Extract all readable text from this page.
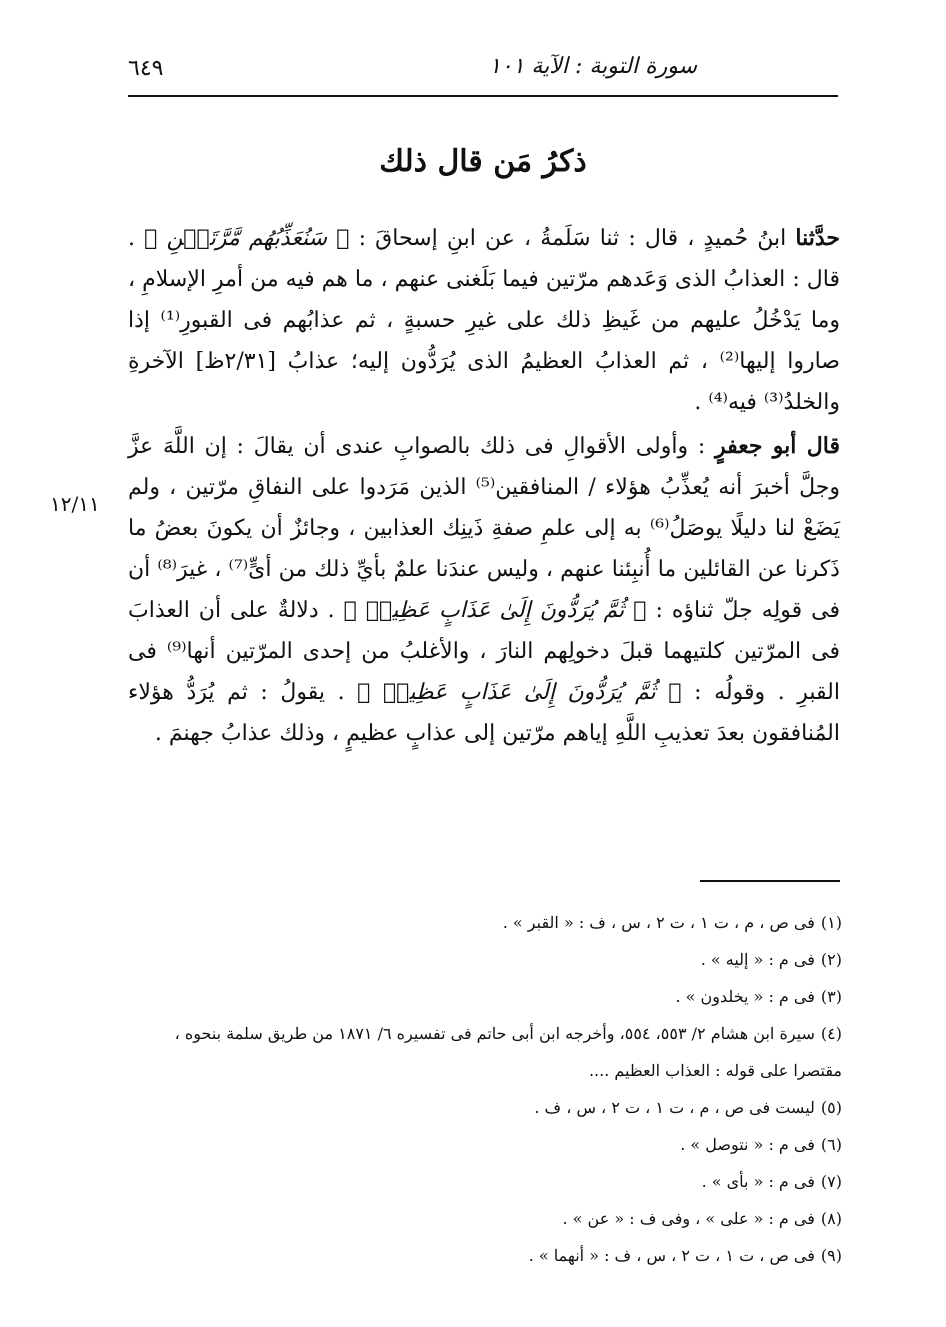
٦٤٩	سورة التوبة : الآية ١٠١
ذكرُ مَن قال ذلك
حدَّثنا ابنُ حُميدٍ ، قال : ثنا سَلَمةُ ، عن ابنِ إسحاقَ : ﴿ سَنُعَذِّبُهُم مَّرَّتَيۡنِ ﴾ . قال : العذابُ الذى وَعَدهم مرّتين فيما بَلَغنى عنهم ، ما هم فيه من أمرِ الإسلامِ ، وما يَدْخُلُ عليهم من غَيظِ ذلك على غيرِ حسبةٍ ، ثم عذابُهم فى القبورِ⁽¹⁾ إذا صاروا إليها⁽²⁾ ، ثم العذابُ العظيمُ الذى يُرَدُّون إليه؛ عذابُ [٢/٣١ظ] الآخرةِ والخلدُ⁽³⁾ فيه⁽⁴⁾ .
قال أبو جعفرٍ : وأولى الأقوالِ فى ذلك بالصوابِ عندى أن يقالَ : إن اللَّهَ عزَّ وجلَّ أخبرَ أنه يُعذِّبُ هؤلاء / المنافقين⁽⁵⁾ الذين مَرَدوا على النفاقِ مرّتين ، ولم يَضَعْ لنا دليلًا يوصَلُ⁽⁶⁾ به إلى علمِ صفةِ ذَينِك العذابين ، وجائزٌ أن يكونَ بعضُ ما ذَكرنا عن القائلين ما أُنبِئنا عنهم ، وليس عندَنا علمٌ بأيِّ ذلك من أىٍّ⁽⁷⁾ ، غيرَ⁽⁸⁾ أن فى قولِه جلّ ثناؤه : ﴿ ثُمَّ يُرَدُّونَ إِلَىٰ عَذَابٍ عَظِيمٖ ﴾ . دلالةٌ على أن العذابَ فى المرّتين كلتيهما قبلَ دخولِهم النارَ ، والأغلبُ من إحدى المرّتين أنها⁽⁹⁾ فى القبرِ . وقولُه : ﴿ ثُمَّ يُرَدُّونَ إِلَىٰ عَذَابٍ عَظِيمٖ ﴾ . يقولُ : ثم يُرَدُّ هؤلاء المُنافقون بعدَ تعذيبِ اللَّهِ إياهم مرّتين إلى عذابٍ عظيمٍ ، وذلك عذابُ جهنمَ .
١٢/١١
(١)فى ص ، م ، ت ١ ، ت ٢ ، س ، ف : « القبر » .
(٢)فى م : « إليه » .
(٣)فى م : « يخلدون » .
(٤)سيرة ابن هشام ٢/ ٥٥٣، ٥٥٤، وأخرجه ابن أبى حاتم فى تفسيره ٦/ ١٨٧١ من طريق سلمة بنحوه ، مقتصرا على قوله : العذاب العظيم ....
(٥)ليست فى ص ، م ، ت ١ ، ت ٢ ، س ، ف .
(٦)فى م : « نتوصل » .
(٧)فى م : « بأى » .
(٨)فى م : « على » ، وفى ف : « عن » .
(٩)فى ص ، ت ١ ، ت ٢ ، س ، ف : « أنهما » .
